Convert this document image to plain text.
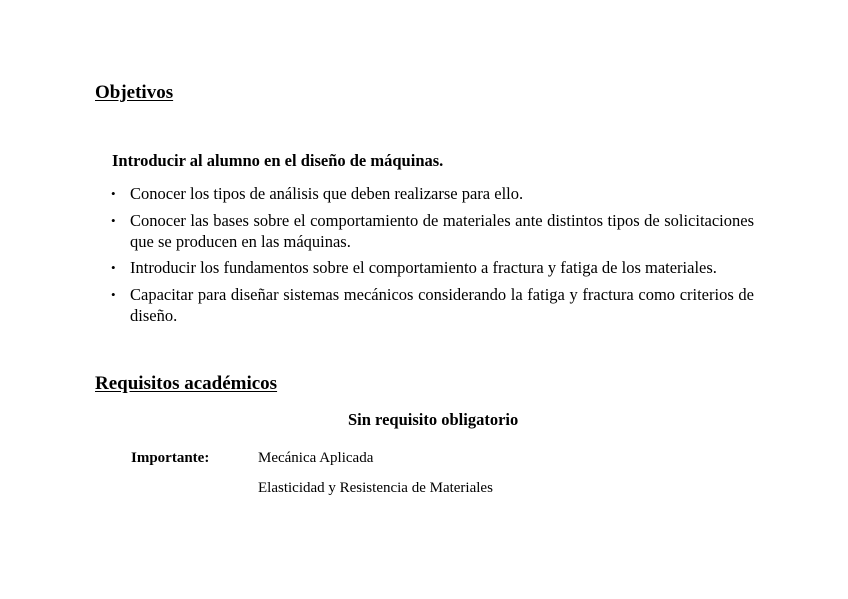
Objetivos
Introducir al alumno en el diseño de máquinas.
• Conocer los tipos de análisis que deben realizarse para ello.
• Conocer las bases sobre el comportamiento de materiales ante distintos tipos de solicitaciones que se producen en las máquinas.
• Introducir los fundamentos sobre el comportamiento a fractura y fatiga de los materiales.
• Capacitar para diseñar sistemas mecánicos considerando la fatiga y fractura como criterios de diseño.
Requisitos académicos
Sin requisito obligatorio
Importante:	Mecánica Aplicada
Elasticidad y Resistencia de Materiales
